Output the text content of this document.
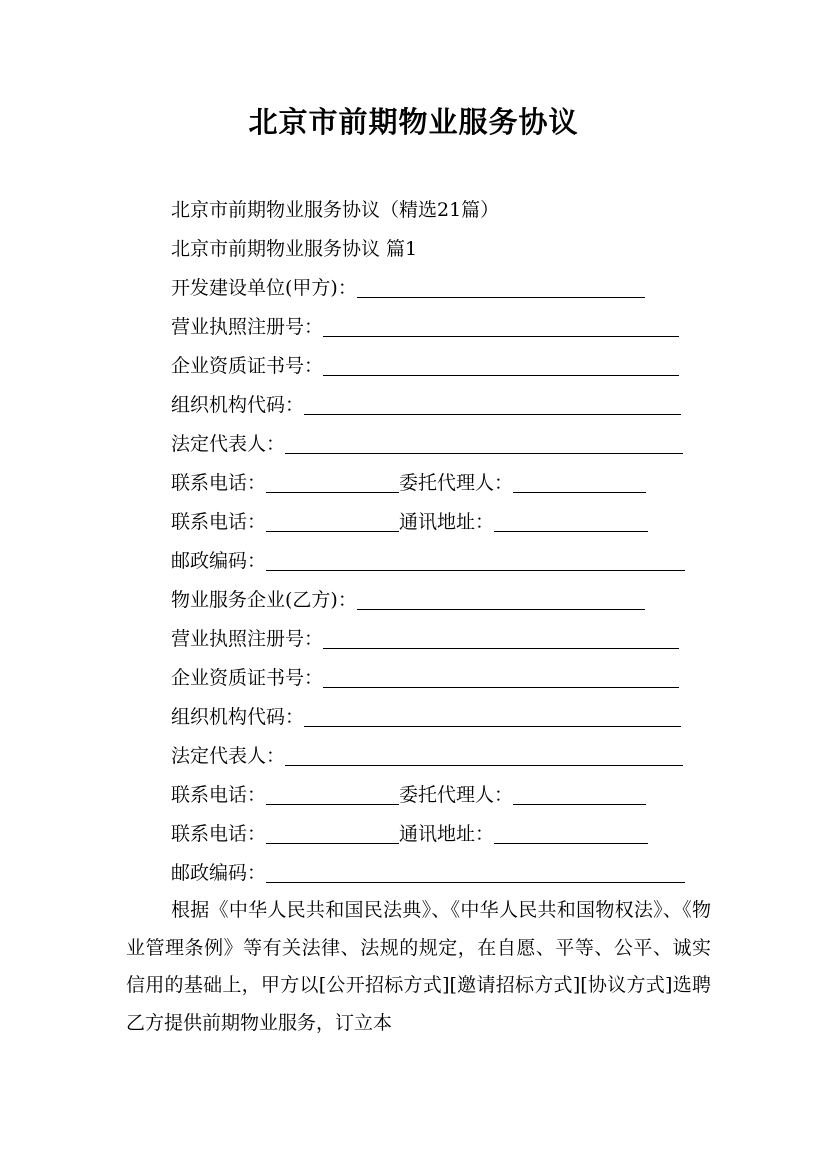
北京市前期物业服务协议
北京市前期物业服务协议（精选21篇）
北京市前期物业服务协议 篇1
开发建设单位(甲方)：
营业执照注册号：
企业资质证书号：
组织机构代码：
法定代表人：
联系电话：	委托代理人：
联系电话：	通讯地址：
邮政编码：
物业服务企业(乙方)：
营业执照注册号：
企业资质证书号：
组织机构代码：
法定代表人：
联系电话：	委托代理人：
联系电话：	通讯地址：
邮政编码：
根据《中华人民共和国民法典》、《中华人民共和国物权法》、《物业管理条例》等有关法律、法规的规定，在自愿、平等、公平、诚实信用的基础上，甲方以[公开招标方式][邀请招标方式][协议方式]选聘乙方提供前期物业服务，订立本
